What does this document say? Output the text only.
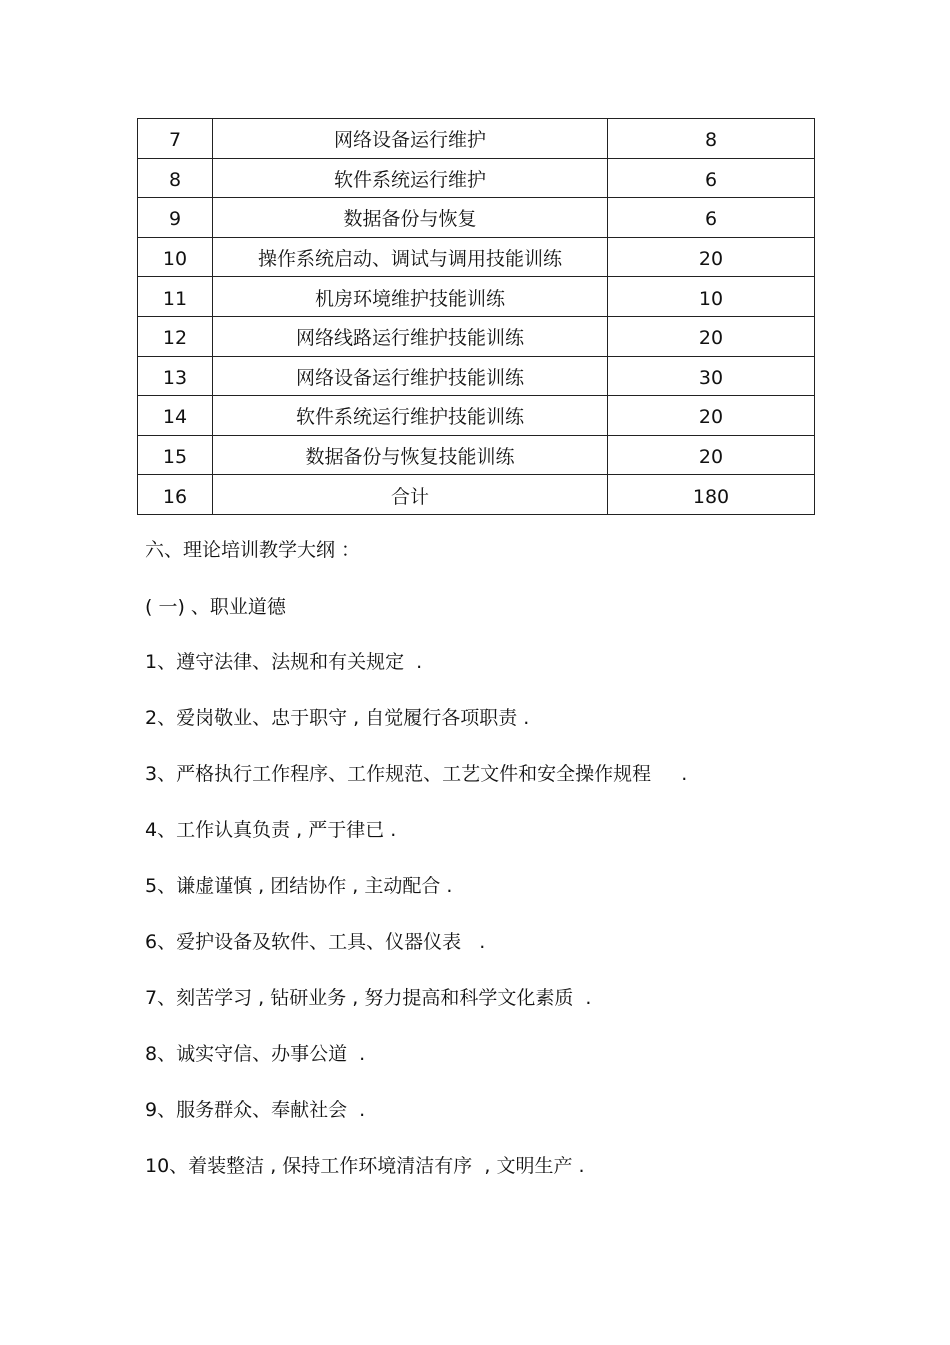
7	网络设备运行维护	8
8	软件系统运行维护	6
9	数据备份与恢复	6
10	操作系统启动、调试与调用技能训练	20
11	机房环境维护技能训练	10
12	网络线路运行维护技能训练	20
13	网络设备运行维护技能训练	30
14	软件系统运行维护技能训练	20
15	数据备份与恢复技能训练	20
16	合计	180
六、理论培训教学大纲 ：
( 一) 、职业道德
1、遵守法律、法规和有关规定  .
2、爱岗敬业、忠于职守 , 自觉履行各项职责 .
3、严格执行工作程序、工作规范、工艺文件和安全操作规程     .
4、工作认真负责 , 严于律已 .
5、谦虚谨慎 , 团结协作 , 主动配合 .
6、爱护设备及软件、工具、仪器仪表   .
7、刻苦学习 , 钻研业务 , 努力提高和科学文化素质  .
8、诚实守信、办事公道  .
9、服务群众、奉献社会  .
10、着装整洁 , 保持工作环境清洁有序  , 文明生产 .
